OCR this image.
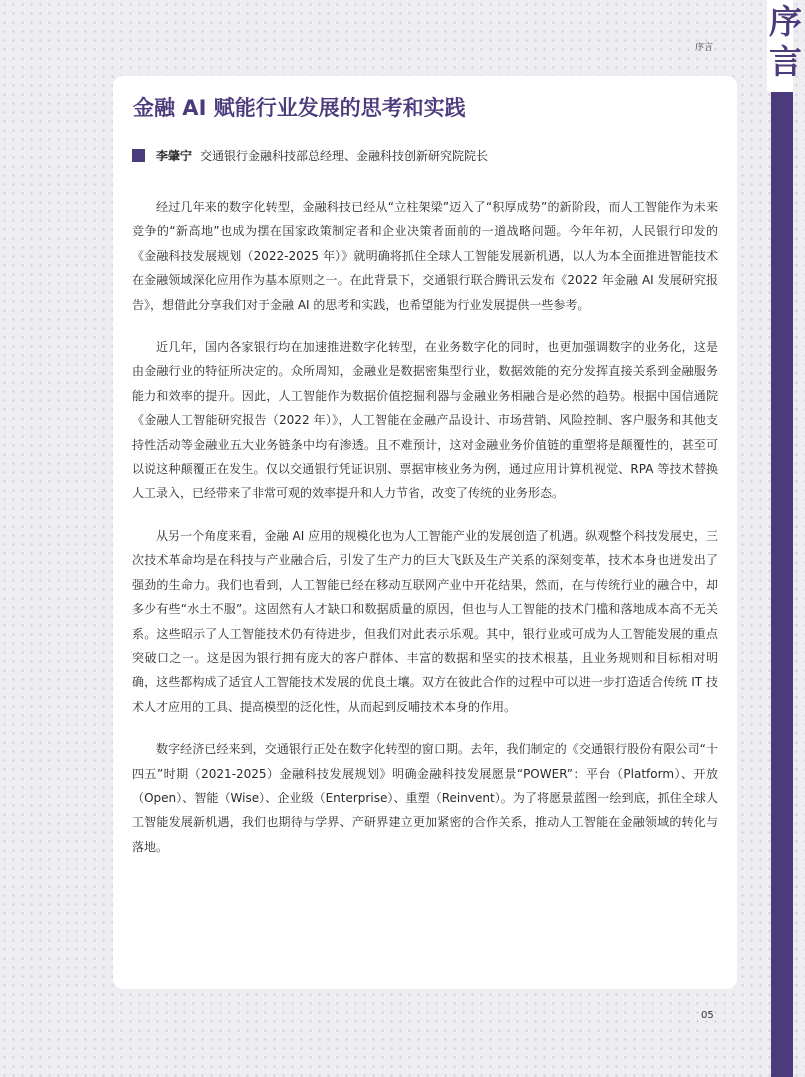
序言
序言
金融 AI 赋能行业发展的思考和实践
李肇宁 交通银行金融科技部总经理、金融科技创新研究院院长

经过几年来的数字化转型，金融科技已经从“立柱架梁”迈入了“积厚成势”的新阶段，而人工智能作为未来竞争的“新高地”也成为摆在国家政策制定者和企业决策者面前的一道战略问题。今年年初，人民银行印发的《金融科技发展规划（2022-2025 年）》就明确将抓住全球人工智能发展新机遇，以人为本全面推进智能技术在金融领域深化应用作为基本原则之一。在此背景下，交通银行联合腾讯云发布《2022 年金融 AI 发展研究报告》，想借此分享我们对于金融 AI 的思考和实践，也希望能为行业发展提供一些参考。

近几年，国内各家银行均在加速推进数字化转型，在业务数字化的同时，也更加强调数字的业务化，这是由金融行业的特征所决定的。众所周知，金融业是数据密集型行业，数据效能的充分发挥直接关系到金融服务能力和效率的提升。因此，人工智能作为数据价值挖掘利器与金融业务相融合是必然的趋势。根据中国信通院《金融人工智能研究报告（2022 年）》，人工智能在金融产品设计、市场营销、风险控制、客户服务和其他支持性活动等金融业五大业务链条中均有渗透。且不难预计，这对金融业务价值链的重塑将是颠覆性的，甚至可以说这种颠覆正在发生。仅以交通银行凭证识别、票据审核业务为例，通过应用计算机视觉、RPA 等技术替换人工录入，已经带来了非常可观的效率提升和人力节省，改变了传统的业务形态。

从另一个角度来看，金融 AI 应用的规模化也为人工智能产业的发展创造了机遇。纵观整个科技发展史，三次技术革命均是在科技与产业融合后，引发了生产力的巨大飞跃及生产关系的深刻变革，技术本身也迸发出了强劲的生命力。我们也看到，人工智能已经在移动互联网产业中开花结果，然而，在与传统行业的融合中，却多少有些“水土不服”。这固然有人才缺口和数据质量的原因，但也与人工智能的技术门槛和落地成本高不无关系。这些昭示了人工智能技术仍有待进步，但我们对此表示乐观。其中，银行业或可成为人工智能发展的重点突破口之一。这是因为银行拥有庞大的客户群体、丰富的数据和坚实的技术根基，且业务规则和目标相对明确，这些都构成了适宜人工智能技术发展的优良土壤。双方在彼此合作的过程中可以进一步打造适合传统 IT 技术人才应用的工具、提高模型的泛化性，从而起到反哺技术本身的作用。

数字经济已经来到，交通银行正处在数字化转型的窗口期。去年，我们制定的《交通银行股份有限公司“十四五”时期（2021-2025）金融科技发展规划》明确金融科技发展愿景“POWER”：平台（Platform）、开放（Open）、智能（Wise）、企业级（Enterprise）、重塑（Reinvent）。为了将愿景蓝图一绘到底，抓住全球人工智能发展新机遇，我们也期待与学界、产研界建立更加紧密的合作关系，推动人工智能在金融领域的转化与落地。

05
